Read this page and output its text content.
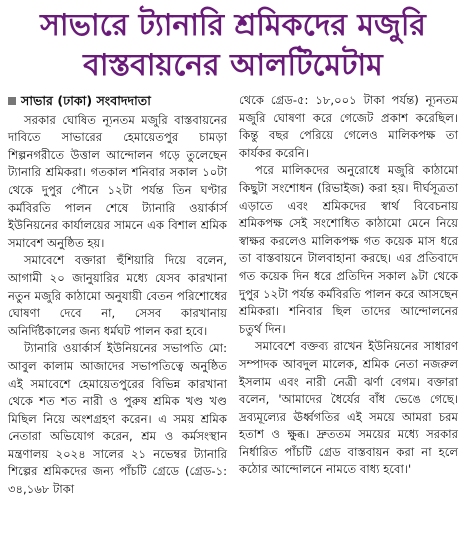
সাভারে ট্যানারি শ্রমিকদের মজুরি
বাস্তবায়নের আলটিমেটাম
সাভার (ঢাকা) সংবাদদাতা

সরকার ঘোষিত ন্যূনতম মজুরি বাস্তবায়নের দাবিতে সাভারের হেমায়েতপুর চামড়া শিল্পনগরীতে উত্তাল আন্দোলন গড়ে তুলেছেন ট্যানারি শ্রমিকরা। গতকাল শনিবার সকাল ১০টা থেকে দুপুর পৌনে ১২টা পর্যন্ত তিন ঘণ্টার কর্মবিরতি পালন শেষে ট্যানারি ওয়ার্কার্স ইউনিয়নের কার্যালয়ের সামনে এক বিশাল শ্রমিক সমাবেশ অনুষ্ঠিত হয়।

সমাবেশে বক্তারা হুঁশিয়ারি দিয়ে বলেন, আগামী ২০ জানুয়ারির মধ্যে যেসব কারখানা নতুন মজুরি কাঠামো অনুযায়ী বেতন পরিশোধের ঘোষণা দেবে না, সেসব কারখানায় অনির্দিষ্টকালের জন্য ধর্মঘট পালন করা হবে।

ট্যানারি ওয়ার্কার্স ইউনিয়নের সভাপতি মো: আবুল কালাম আজাদের সভাপতিত্বে অনুষ্ঠিত এই সমাবেশে হেমায়েতপুরের বিভিন্ন কারখানা থেকে শত শত নারী ও পুরুষ শ্রমিক খণ্ড খণ্ড মিছিল নিয়ে অংশগ্রহণ করেন। এ সময় শ্রমিক নেতারা অভিযোগ করেন, শ্রম ও কর্মসংস্থান মন্ত্রণালয় ২০২৪ সালের ২১ নভেম্বর ট্যানারি শিল্পের শ্রমিকদের জন্য পাঁচটি গ্রেডে (গ্রেড-১: ৩৪,১৬৮ টাকা

থেকে গ্রেড-৫: ১৮,০০১ টাকা পর্যন্ত) ন্যূনতম মজুরি ঘোষণা করে গেজেট প্রকাশ করেছিল। কিন্তু বছর পেরিয়ে গেলেও মালিকপক্ষ তা কার্যকর করেনি।

পরে মালিকদের অনুরোধে মজুরি কাঠামো কিছুটা সংশোধন (রিভাইজ) করা হয়। দীর্ঘসূত্রতা এড়াতে এবং শ্রমিকদের স্বার্থ বিবেচনায় শ্রমিকপক্ষ সেই সংশোধিত কাঠামো মেনে নিয়ে স্বাক্ষর করলেও মালিকপক্ষ গত কয়েক মাস ধরে তা বাস্তবায়নে টালবাহানা করছে। এর প্রতিবাদে গত কয়েক দিন ধরে প্রতিদিন সকাল ৯টা থেকে দুপুর ১২টা পর্যন্ত কর্মবিরতি পালন করে আসছেন শ্রমিকরা। শনিবার ছিল তাদের আন্দোলনের চতুর্থ দিন।

সমাবেশে বক্তব্য রাখেন ইউনিয়নের সাধারণ সম্পাদক আবদুল মালেক, শ্রমিক নেতা নজরুল ইসলাম এবং নারী নেত্রী ঝর্ণা বেগম। বক্তারা বলেন, 'আমাদের ধৈর্যের বাঁধ ভেঙে গেছে। দ্রব্যমূল্যের ঊর্ধ্বগতির এই সময়ে আমরা চরম হতাশ ও ক্ষুব্ধ। দ্রুততম সময়ের মধ্যে সরকার নির্ধারিত পাঁচটি গ্রেড বাস্তবায়ন করা না হলে কঠোর আন্দোলনে নামতে বাধ্য হবো।'
